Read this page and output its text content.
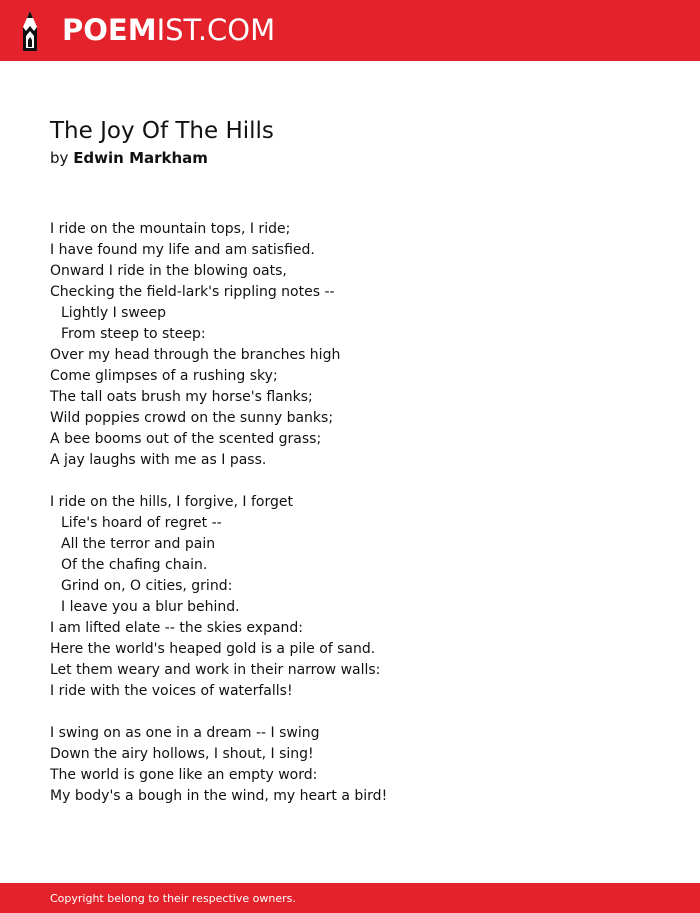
POEMIST.COM
The Joy Of The Hills
by Edwin Markham
I ride on the mountain tops, I ride;
I have found my life and am satisfied.
Onward I ride in the blowing oats,
Checking the field-lark's rippling notes --
Lightly I sweep
From steep to steep:
Over my head through the branches high
Come glimpses of a rushing sky;
The tall oats brush my horse's flanks;
Wild poppies crowd on the sunny banks;
A bee booms out of the scented grass;
A jay laughs with me as I pass.
I ride on the hills, I forgive, I forget
Life's hoard of regret --
All the terror and pain
Of the chafing chain.
Grind on, O cities, grind:
I leave you a blur behind.
I am lifted elate -- the skies expand:
Here the world's heaped gold is a pile of sand.
Let them weary and work in their narrow walls:
I ride with the voices of waterfalls!
I swing on as one in a dream -- I swing
Down the airy hollows, I shout, I sing!
The world is gone like an empty word:
My body's a bough in the wind, my heart a bird!
Copyright belong to their respective owners.
